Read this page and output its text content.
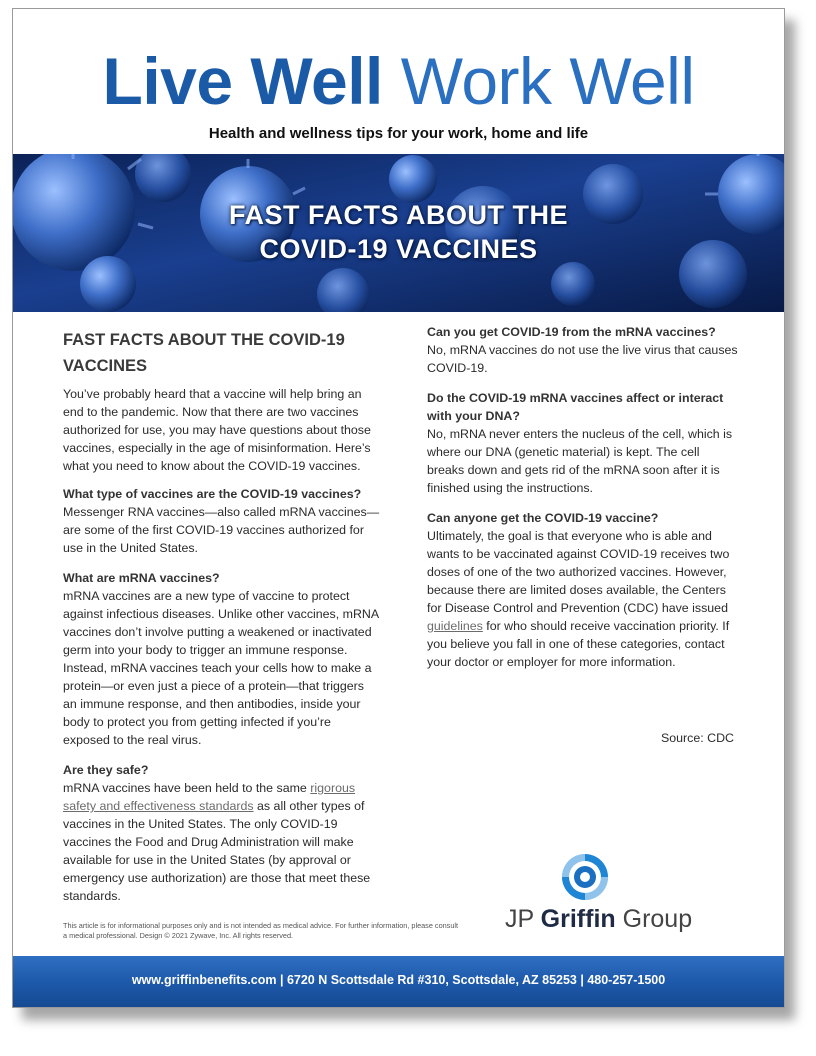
Live Well Work Well
Health and wellness tips for your work, home and life
FAST FACTS ABOUT THE
COVID-19 VACCINES
FAST FACTS ABOUT THE COVID-19 VACCINES

You’ve probably heard that a vaccine will help bring an end to the pandemic. Now that there are two vaccines authorized for use, you may have questions about those vaccines, especially in the age of misinformation. Here’s what you need to know about the COVID-19 vaccines.

What type of vaccines are the COVID-19 vaccines?

Messenger RNA vaccines—also called mRNA vaccines—are some of the first COVID-19 vaccines authorized for use in the United States.

What are mRNA vaccines?

mRNA vaccines are a new type of vaccine to protect against infectious diseases. Unlike other vaccines, mRNA vaccines don’t involve putting a weakened or inactivated germ into your body to trigger an immune response. Instead, mRNA vaccines teach your cells how to make a protein—or even just a piece of a protein—that triggers an immune response, and then antibodies, inside your body to protect you from getting infected if you’re exposed to the real virus.

Are they safe?

mRNA vaccines have been held to the same rigorous safety and effectiveness standards as all other types of vaccines in the United States. The only COVID-19 vaccines the Food and Drug Administration will make available for use in the United States (by approval or emergency use authorization) are those that meet these standards.

Can you get COVID-19 from the mRNA vaccines?

No, mRNA vaccines do not use the live virus that causes COVID-19.

Do the COVID-19 mRNA vaccines affect or interact with your DNA?

No, mRNA never enters the nucleus of the cell, which is where our DNA (genetic material) is kept. The cell breaks down and gets rid of the mRNA soon after it is finished using the instructions.

Can anyone get the COVID-19 vaccine?

Ultimately, the goal is that everyone who is able and wants to be vaccinated against COVID-19 receives two doses of one of the two authorized vaccines. However, because there are limited doses available, the Centers for Disease Control and Prevention (CDC) have issued guidelines for who should receive vaccination priority. If you believe you fall in one of these categories, contact your doctor or employer for more information.

Source: CDC
This article is for informational purposes only and is not intended as medical advice. For further information, please consult a medical professional. Design © 2021 Zywave, Inc. All rights reserved.
JP Griffin Group
www.griffinbenefits.com | 6720 N Scottsdale Rd #310, Scottsdale, AZ 85253 | 480-257-1500
